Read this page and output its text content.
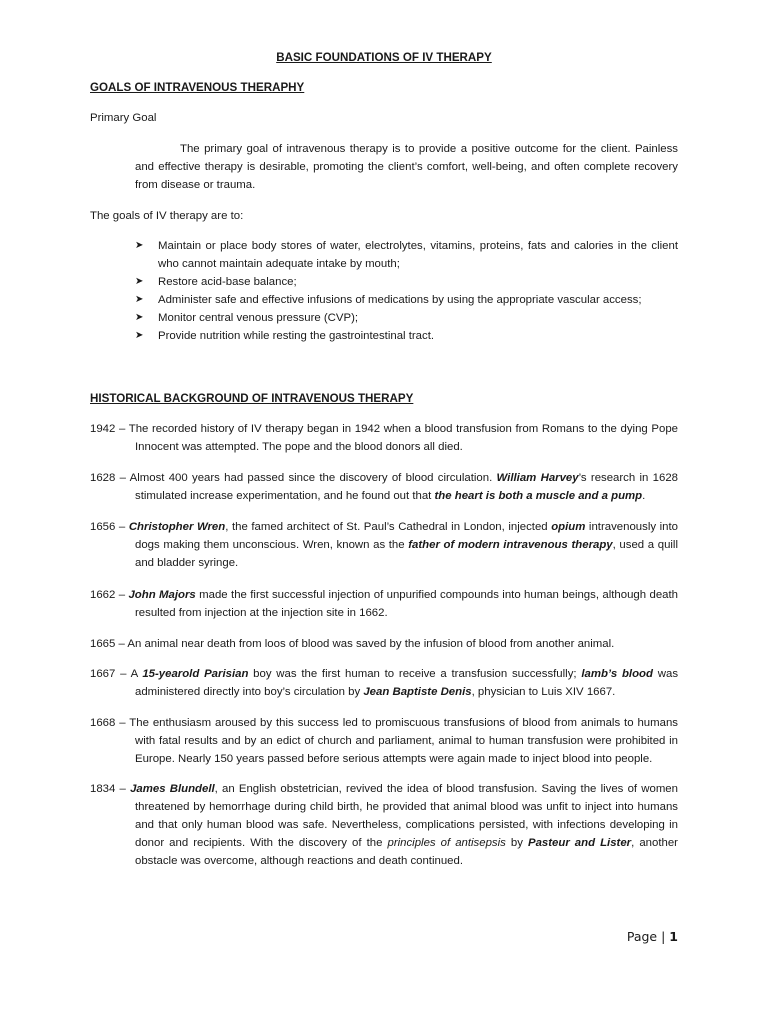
BASIC FOUNDATIONS OF IV THERAPY
GOALS OF INTRAVENOUS THERAPHY
Primary Goal
The primary goal of intravenous therapy is to provide a positive outcome for the client. Painless and effective therapy is desirable, promoting the client’s comfort, well-being, and often complete recovery from disease or trauma.
The goals of IV therapy are to:
➤ Maintain or place body stores of water, electrolytes, vitamins, proteins, fats and calories in the client who cannot maintain adequate intake by mouth;
➤ Restore acid-base balance;
➤ Administer safe and effective infusions of medications by using the appropriate vascular access;
➤ Monitor central venous pressure (CVP);
➤ Provide nutrition while resting the gastrointestinal tract.
HISTORICAL BACKGROUND OF INTRAVENOUS THERAPY
1942 – The recorded history of IV therapy began in 1942 when a blood transfusion from Romans to the dying Pope Innocent was attempted. The pope and the blood donors all died.
1628 – Almost 400 years had passed since the discovery of blood circulation. William Harvey’s research in 1628 stimulated increase experimentation, and he found out that the heart is both a muscle and a pump.
1656 – Christopher Wren, the famed architect of St. Paul’s Cathedral in London, injected opium intravenously into dogs making them unconscious. Wren, known as the father of modern intravenous therapy, used a quill and bladder syringe.
1662 – John Majors made the first successful injection of unpurified compounds into human beings, although death resulted from injection at the injection site in 1662.
1665 – An animal near death from loos of blood was saved by the infusion of blood from another animal.
1667 – A 15-yearold Parisian boy was the first human to receive a transfusion successfully; lamb’s blood was administered directly into boy’s circulation by Jean Baptiste Denis, physician to Luis XIV 1667.
1668 – The enthusiasm aroused by this success led to promiscuous transfusions of blood from animals to humans with fatal results and by an edict of church and parliament, animal to human transfusion were prohibited in Europe. Nearly 150 years passed before serious attempts were again made to inject blood into people.
1834 – James Blundell, an English obstetrician, revived the idea of blood transfusion. Saving the lives of women threatened by hemorrhage during child birth, he provided that animal blood was unfit to inject into humans and that only human blood was safe. Nevertheless, complications persisted, with infections developing in donor and recipients. With the discovery of the principles of antisepsis by Pasteur and Lister, another obstacle was overcome, although reactions and death continued.
Page | 1
